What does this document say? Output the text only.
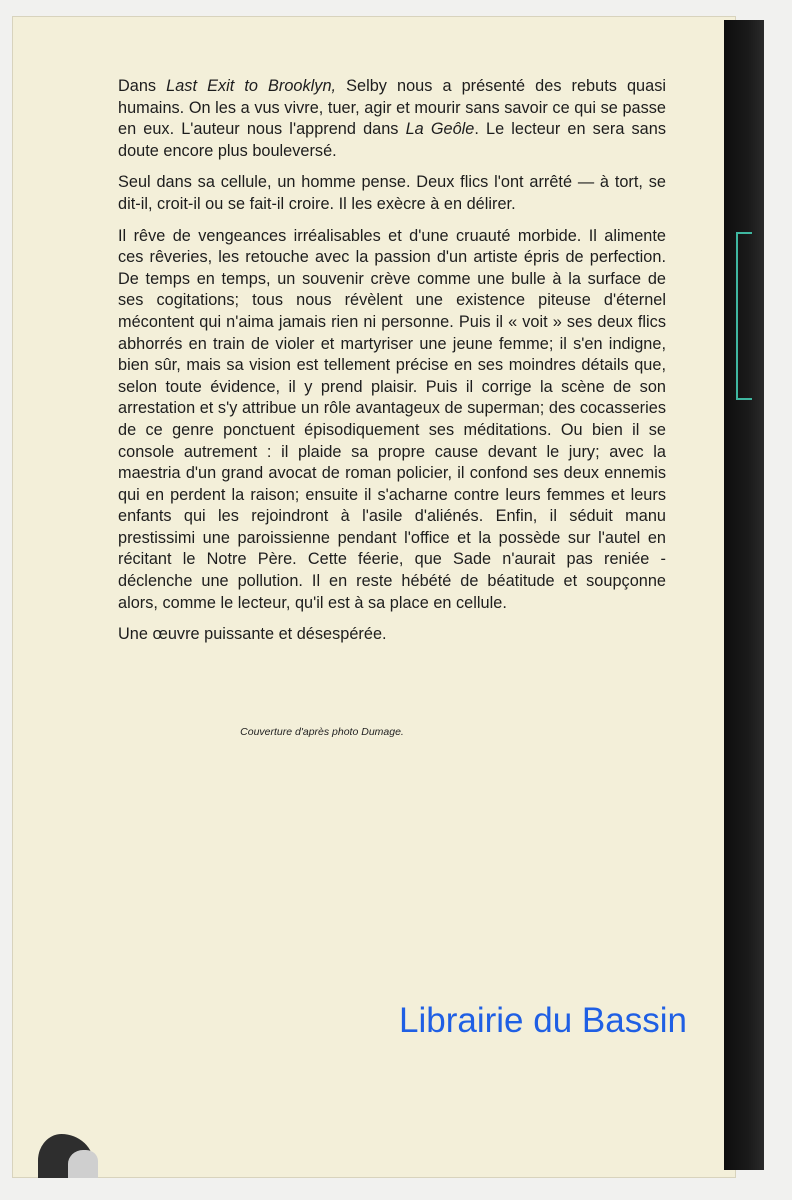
Dans Last Exit to Brooklyn, Selby nous a présenté des rebuts quasi humains. On les a vus vivre, tuer, agir et mourir sans savoir ce qui se passe en eux. L'auteur nous l'apprend dans La Geôle. Le lecteur en sera sans doute encore plus bouleversé.

Seul dans sa cellule, un homme pense. Deux flics l'ont arrêté — à tort, se dit-il, croit-il ou se fait-il croire. Il les exècre à en délirer.

Il rêve de vengeances irréalisables et d'une cruauté morbide. Il alimente ces rêveries, les retouche avec la passion d'un artiste épris de perfection. De temps en temps, un souvenir crève comme une bulle à la surface de ses cogitations; tous nous révèlent une existence piteuse d'éternel mécontent qui n'aima jamais rien ni personne. Puis il « voit » ses deux flics abhorrés en train de violer et martyriser une jeune femme; il s'en indigne, bien sûr, mais sa vision est tellement précise en ses moindres détails que, selon toute évidence, il y prend plaisir. Puis il corrige la scène de son arrestation et s'y attribue un rôle avantageux de superman; des cocasseries de ce genre ponctuent épisodiquement ses méditations. Ou bien il se console autrement : il plaide sa propre cause devant le jury; avec la maestria d'un grand avocat de roman policier, il confond ses deux ennemis qui en perdent la raison; ensuite il s'acharne contre leurs femmes et leurs enfants qui les rejoindront à l'asile d'aliénés. Enfin, il séduit manu prestissimi une paroissienne pendant l'office et la possède sur l'autel en récitant le Notre Père. Cette féerie, que Sade n'aurait pas reniée - déclenche une pollution. Il en reste hébété de béatitude et soupçonne alors, comme le lecteur, qu'il est à sa place en cellule.

Une œuvre puissante et désespérée.

Couverture d'après photo Dumage.
Librairie du Bassin
